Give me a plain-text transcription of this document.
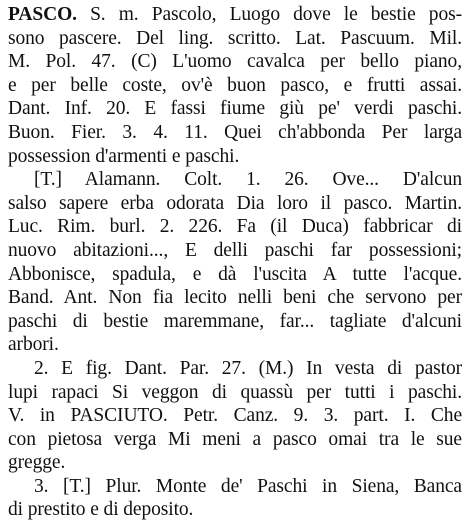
PASCO. S. m. Pascolo, Luogo dove le bestie pos-
sono pascere. Del ling. scritto. Lat. Pascuum. Mil.
M. Pol. 47. (C) L'uomo cavalca per bello piano,
e per belle coste, ov'è buon pasco, e frutti assai.
Dant. Inf. 20. E fassi fiume giù pe' verdi paschi.
Buon. Fier. 3. 4. 11. Quei ch'abbonda Per larga
possession d'armenti e paschi.
[T.] Alamann. Colt. 1. 26. Ove... D'alcun
salso sapere erba odorata Dia loro il pasco. Martin.
Luc. Rim. burl. 2. 226. Fa (il Duca) fabbricar di
nuovo abitazioni..., E delli paschi far possessioni;
Abbonisce, spadula, e dà l'uscita A tutte l'acque.
Band. Ant. Non fia lecito nelli beni che servono per
paschi di bestie maremmane, far... tagliate d'alcuni
arbori.
2. E fig. Dant. Par. 27. (M.) In vesta di pastor
lupi rapaci Si veggon di quassù per tutti i paschi.
V. in PASCIUTO. Petr. Canz. 9. 3. part. I. Che
con pietosa verga Mi meni a pasco omai tra le sue
gregge.
3. [T.] Plur. Monte de' Paschi in Siena, Banca
di prestito e di deposito.
